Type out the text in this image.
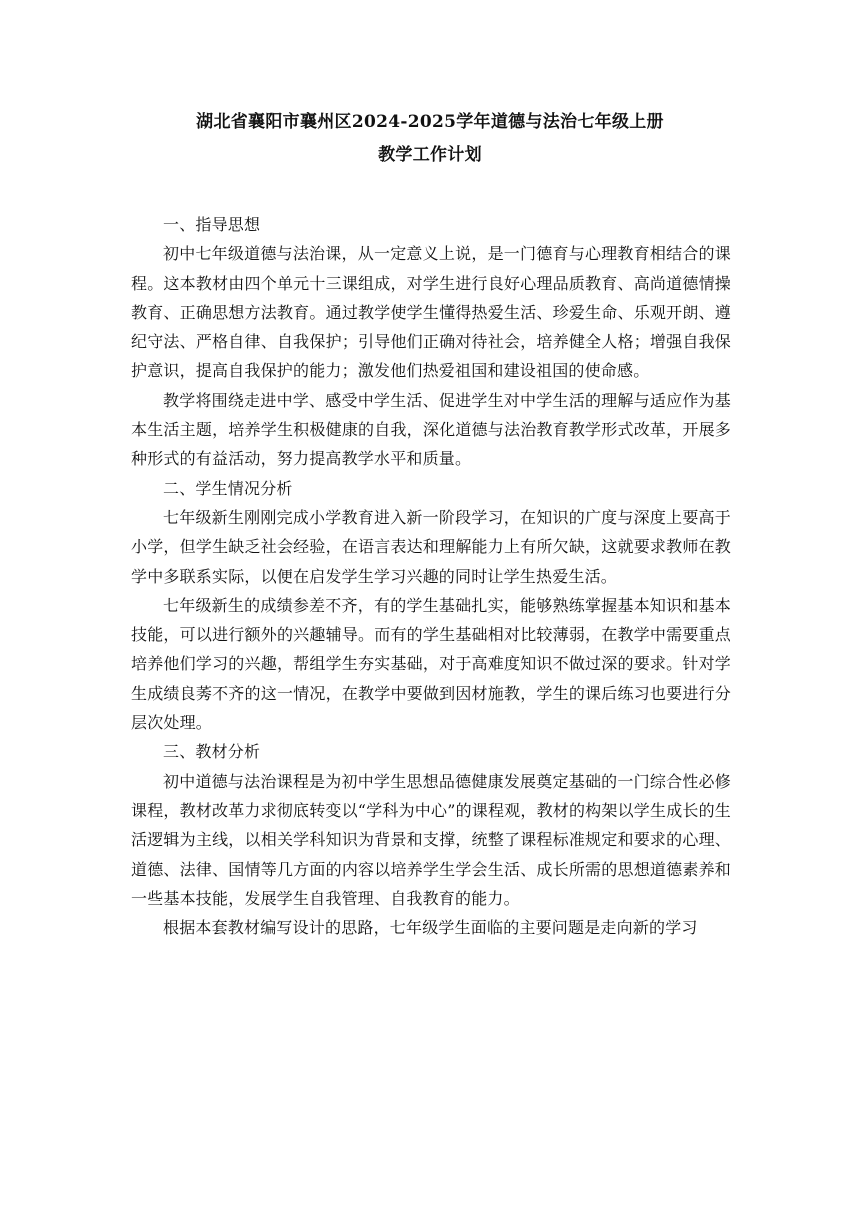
湖北省襄阳市襄州区2024-2025学年道德与法治七年级上册
教学工作计划

一、指导思想

初中七年级道德与法治课，从一定意义上说，是一门德育与心理教育相结合的课程。这本教材由四个单元十三课组成，对学生进行良好心理品质教育、高尚道德情操教育、正确思想方法教育。通过教学使学生懂得热爱生活、珍爱生命、乐观开朗、遵纪守法、严格自律、自我保护；引导他们正确对待社会，培养健全人格；增强自我保护意识，提高自我保护的能力；激发他们热爱祖国和建设祖国的使命感。

教学将围绕走进中学、感受中学生活、促进学生对中学生活的理解与适应作为基本生活主题，培养学生积极健康的自我，深化道德与法治教育教学形式改革，开展多种形式的有益活动，努力提高教学水平和质量。

二、学生情况分析

七年级新生刚刚完成小学教育进入新一阶段学习，在知识的广度与深度上要高于小学，但学生缺乏社会经验，在语言表达和理解能力上有所欠缺，这就要求教师在教学中多联系实际，以便在启发学生学习兴趣的同时让学生热爱生活。

七年级新生的成绩参差不齐，有的学生基础扎实，能够熟练掌握基本知识和基本技能，可以进行额外的兴趣辅导。而有的学生基础相对比较薄弱，在教学中需要重点培养他们学习的兴趣，帮组学生夯实基础，对于高难度知识不做过深的要求。针对学生成绩良莠不齐的这一情况，在教学中要做到因材施教，学生的课后练习也要进行分层次处理。

三、教材分析

初中道德与法治课程是为初中学生思想品德健康发展奠定基础的一门综合性必修课程，教材改革力求彻底转变以“学科为中心”的课程观，教材的构架以学生成长的生活逻辑为主线，以相关学科知识为背景和支撑，统整了课程标准规定和要求的心理、道德、法律、国情等几方面的内容以培养学生学会生活、成长所需的思想道德素养和一些基本技能，发展学生自我管理、自我教育的能力。

根据本套教材编写设计的思路，七年级学生面临的主要问题是走向新的学习
